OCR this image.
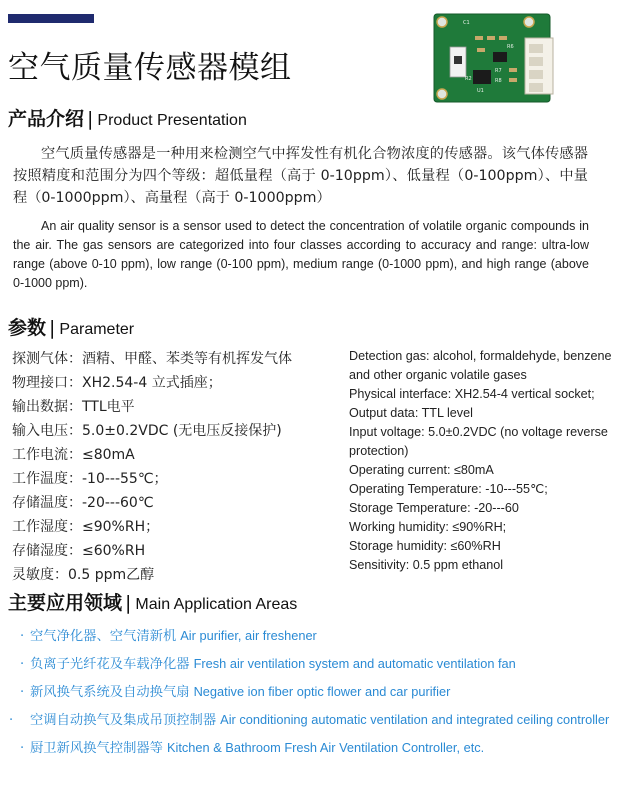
C1
R6
R2
R7
R8
U1
空气质量传感器模组
产品介绍 | Product Presentation

空气质量传感器是一种用来检测空气中挥发性有机化合物浓度的传感器。该气体传感器按照精度和范围分为四个等级：超低量程（高于 0-10ppm）、低量程（0-100ppm）、中量程（0-1000ppm）、高量程（高于 0-1000ppm）

An air quality sensor is a sensor used to detect the concentration of volatile organic compounds in the air. The gas sensors are categorized into four classes according to accuracy and range: ultra-low range (above 0-10 ppm), low range (0-100 ppm), medium range (0-1000 ppm), and high range (above 0-1000 ppm).

参数 | Parameter
探测气体：酒精、甲醛、苯类等有机挥发气体
物理接口：XH2.54-4 立式插座；
输出数据：TTL电平
输入电压：5.0±0.2VDC (无电压反接保护)
工作电流：≤80mA
工作温度：-10---55℃；
存储温度：-20---60℃
工作湿度：≤90%RH；
存储湿度：≤60%RH
灵敏度：0.5 ppm乙醇
Detection gas: alcohol, formaldehyde, benzene and other organic volatile gases
Physical interface: XH2.54-4 vertical socket;
Output data: TTL level
Input voltage: 5.0±0.2VDC (no voltage reverse protection)
Operating current: ≤80mA
Operating Temperature: -10---55℃;
Storage Temperature: -20---60
Working humidity: ≤90%RH;
Storage humidity: ≤60%RH
Sensitivity: 0.5 ppm ethanol
主要应用领域 | Main Application Areas
· 空气净化器、空气清新机 Air purifier, air freshener
· 负离子光纤花及车载净化器 Fresh air ventilation system and automatic ventilation fan
· 新风换气系统及自动换气扇 Negative ion fiber optic flower and car purifier
· 空调自动换气及集成吊顶控制器 Air conditioning automatic ventilation and integrated ceiling controller
· 厨卫新风换气控制器等 Kitchen & Bathroom Fresh Air Ventilation Controller, etc.
